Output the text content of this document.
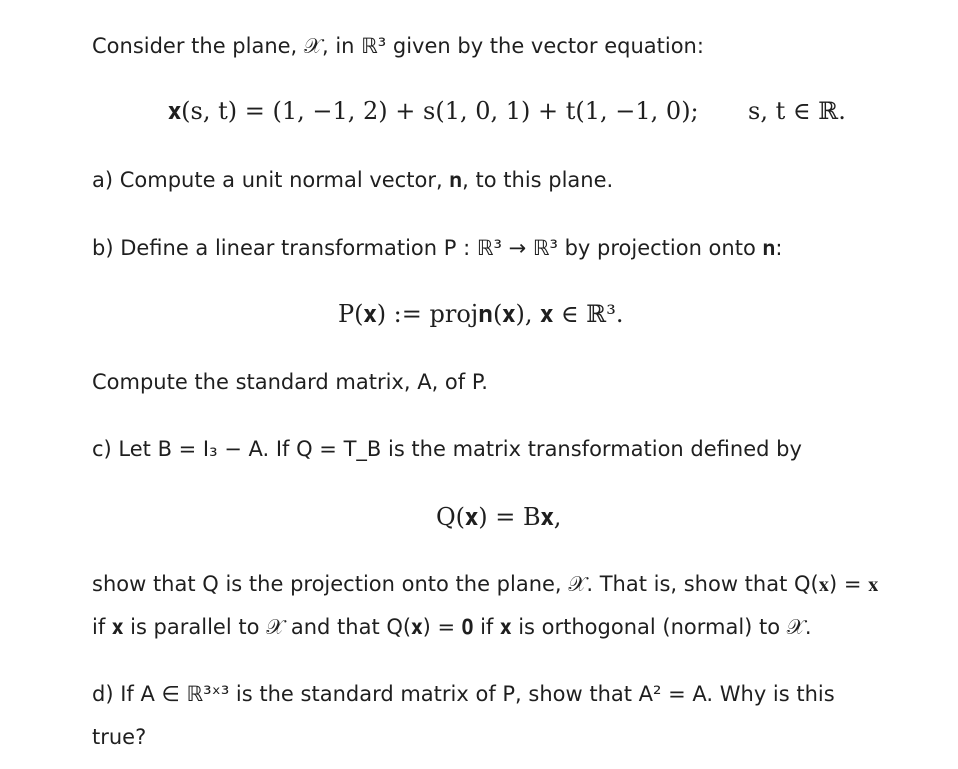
Consider the plane, 𝒳, in ℝ³ given by the vector equation:
𝐱(s, t) = (1, −1, 2) + s(1, 0, 1) + t(1, −1, 0); s, t ∈ ℝ.
a) Compute a unit normal vector, 𝐧, to this plane.
b) Define a linear transformation P : ℝ³ → ℝ³ by projection onto 𝐧:
P(𝐱) := proj𝐧(𝐱), 𝐱 ∈ ℝ³.
Compute the standard matrix, A, of P.
c) Let B = I₃ − A. If Q = T_B is the matrix transformation defined by
Q(𝐱) = B𝐱,
show that Q is the projection onto the plane, 𝒳. That is, show that Q(𝐱) = 𝐱
if 𝐱 is parallel to 𝒳 and that Q(𝐱) = 𝟎 if 𝐱 is orthogonal (normal) to 𝒳.
d) If A ∈ ℝ³ˣ³ is the standard matrix of P, show that A² = A. Why is this
true?
